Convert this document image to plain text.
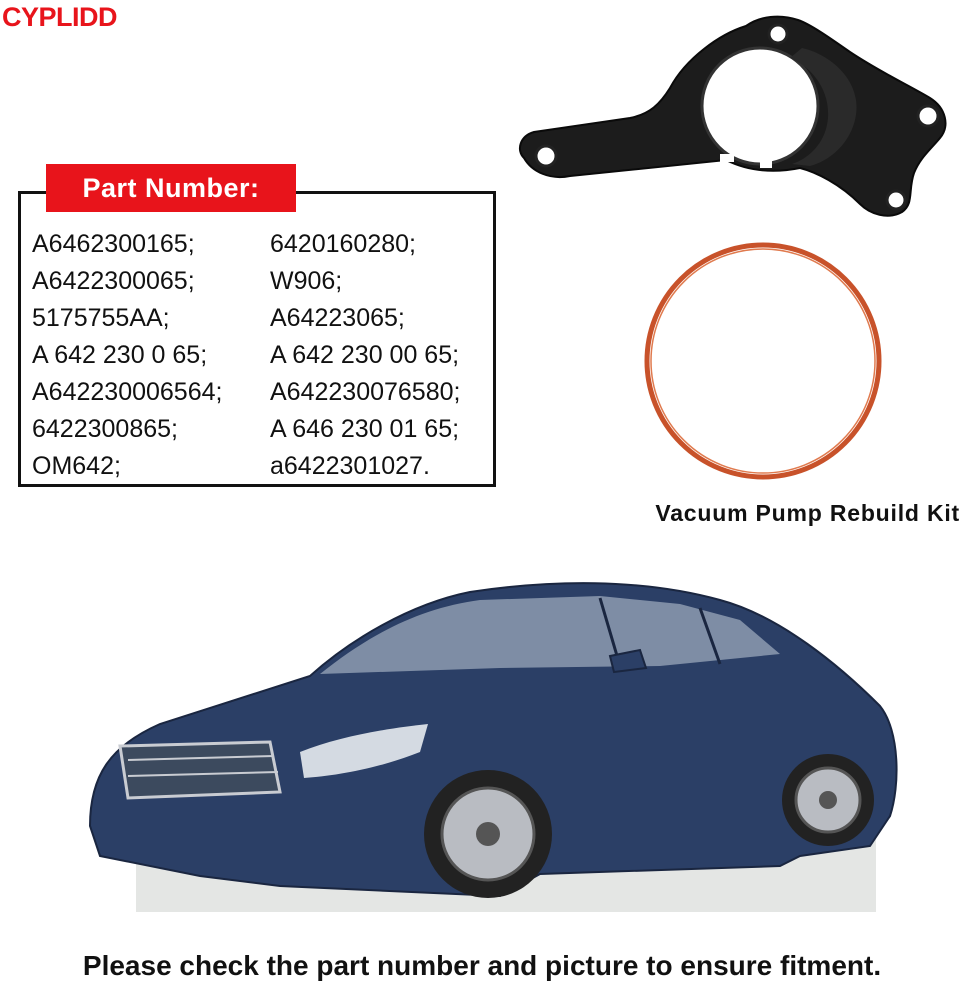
CYPLIDD
Part Number:
A6462300165;	6420160280;
A6422300065;	W906;
5175755AA;	A64223065;
A 642 230 0 65;	A 642 230 00 65;
A642230006564;	A642230076580;
6422300865;	A 646 230 01 65;
OM642;	a6422301027.
Vacuum Pump Rebuild Kit
Please check the part number and picture to ensure fitment.
